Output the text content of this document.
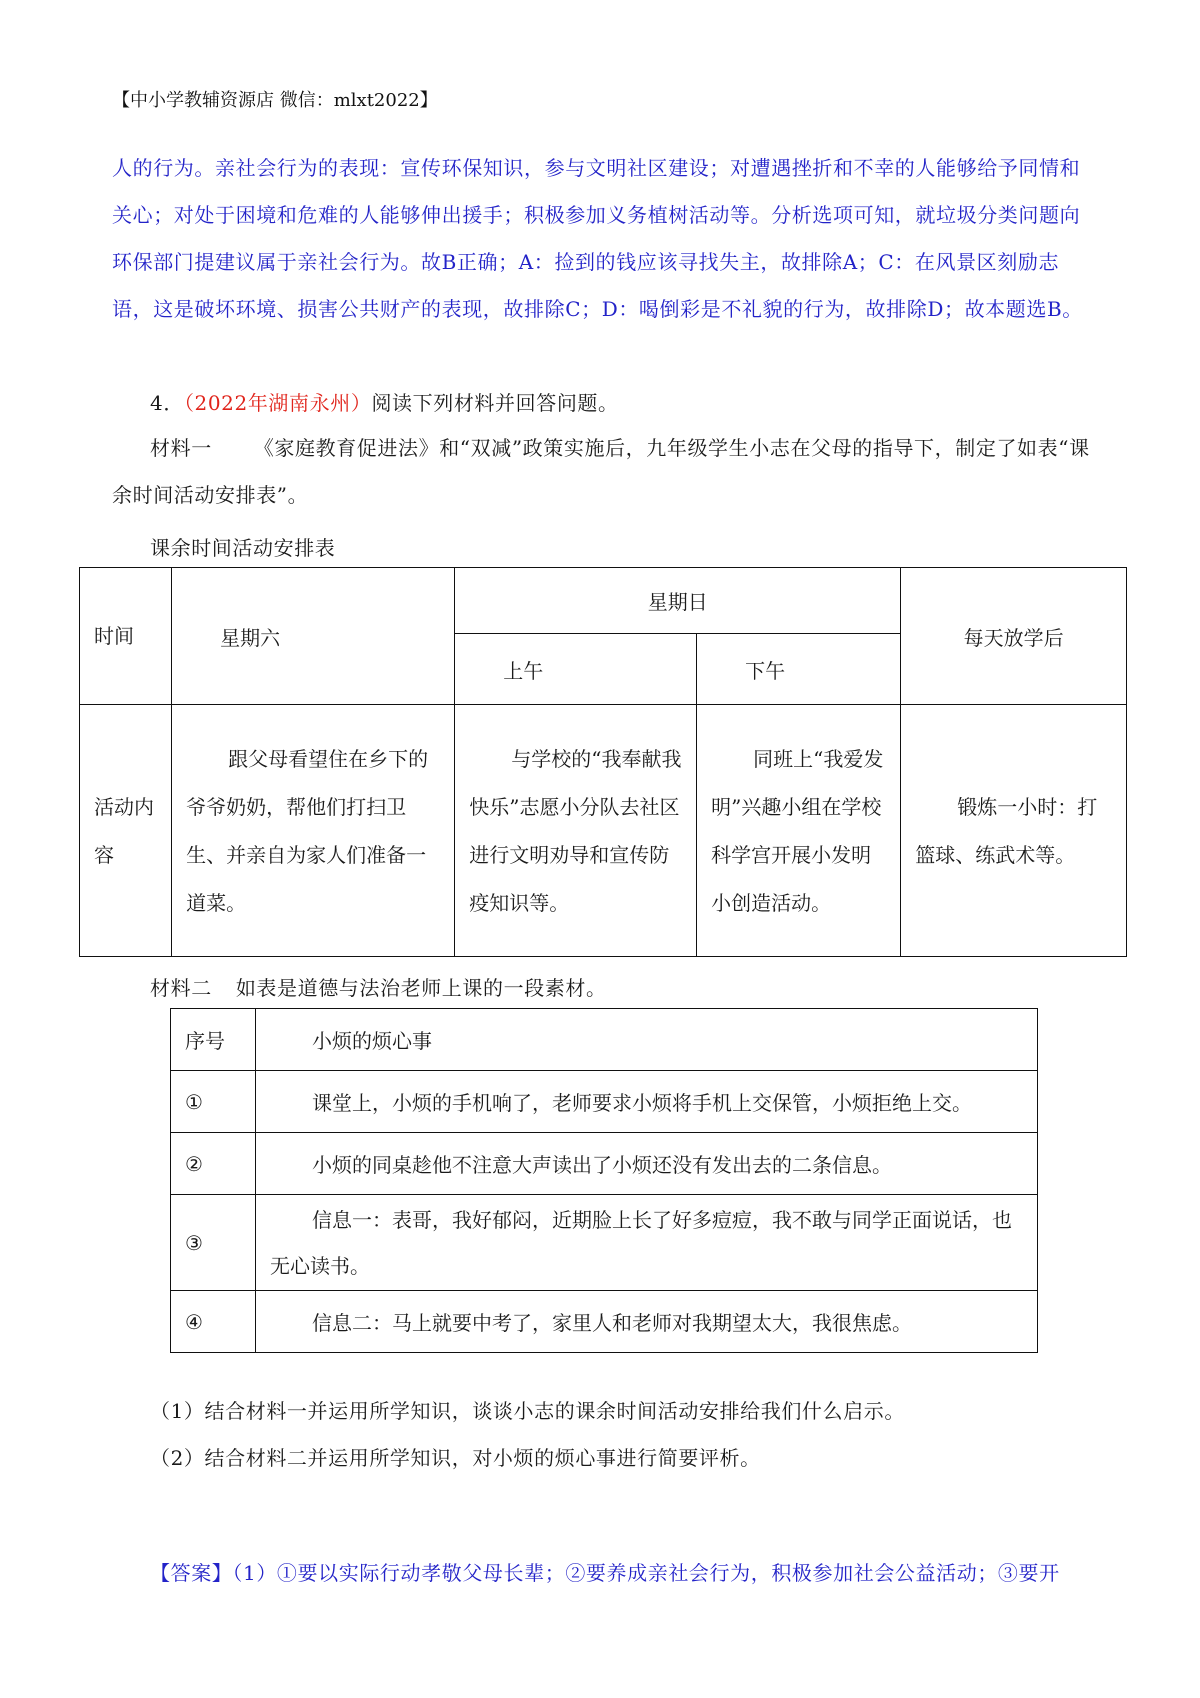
【中小学教辅资源店 微信：mlxt2022】
人的行为。亲社会行为的表现：宣传环保知识，参与文明社区建设；对遭遇挫折和不幸的人能够给予同情和关心；对处于困境和危难的人能够伸出援手；积极参加义务植树活动等。分析选项可知，就垃圾分类问题向环保部门提建议属于亲社会行为。故B正确；A：捡到的钱应该寻找失主，故排除A；C：在风景区刻励志语，这是破坏环境、损害公共财产的表现，故排除C；D：喝倒彩是不礼貌的行为，故排除D；故本题选B。
4．（2022年湖南永州）阅读下列材料并回答问题。
材料一 《家庭教育促进法》和“双减”政策实施后，九年级学生小志在父母的指导下，制定了如表“课余时间活动安排表”。
课余时间活动安排表
时间	星期六	星期日		每天放学后
		上午	下午	
活动内容	跟父母看望住在乡下的爷爷奶奶，帮他们打扫卫生、并亲自为家人们准备一道菜。	与学校的“我奉献我快乐”志愿小分队去社区进行文明劝导和宣传防疫知识等。	同班上“我爱发明”兴趣小组在学校科学宫开展小发明小创造活动。	锻炼一小时：打篮球、练武术等。
材料二 如表是道德与法治老师上课的一段素材。
序号	小烦的烦心事
①	课堂上，小烦的手机响了，老师要求小烦将手机上交保管，小烦拒绝上交。
②	小烦的同桌趁他不注意大声读出了小烦还没有发出去的二条信息。
③	信息一：表哥，我好郁闷，近期脸上长了好多痘痘，我不敢与同学正面说话，也无心读书。
④	信息二：马上就要中考了，家里人和老师对我期望太大，我很焦虑。
（1）结合材料一并运用所学知识，谈谈小志的课余时间活动安排给我们什么启示。
（2）结合材料二并运用所学知识，对小烦的烦心事进行简要评析。
【答案】（1）①要以实际行动孝敬父母长辈；②要养成亲社会行为，积极参加社会公益活动；③要开
